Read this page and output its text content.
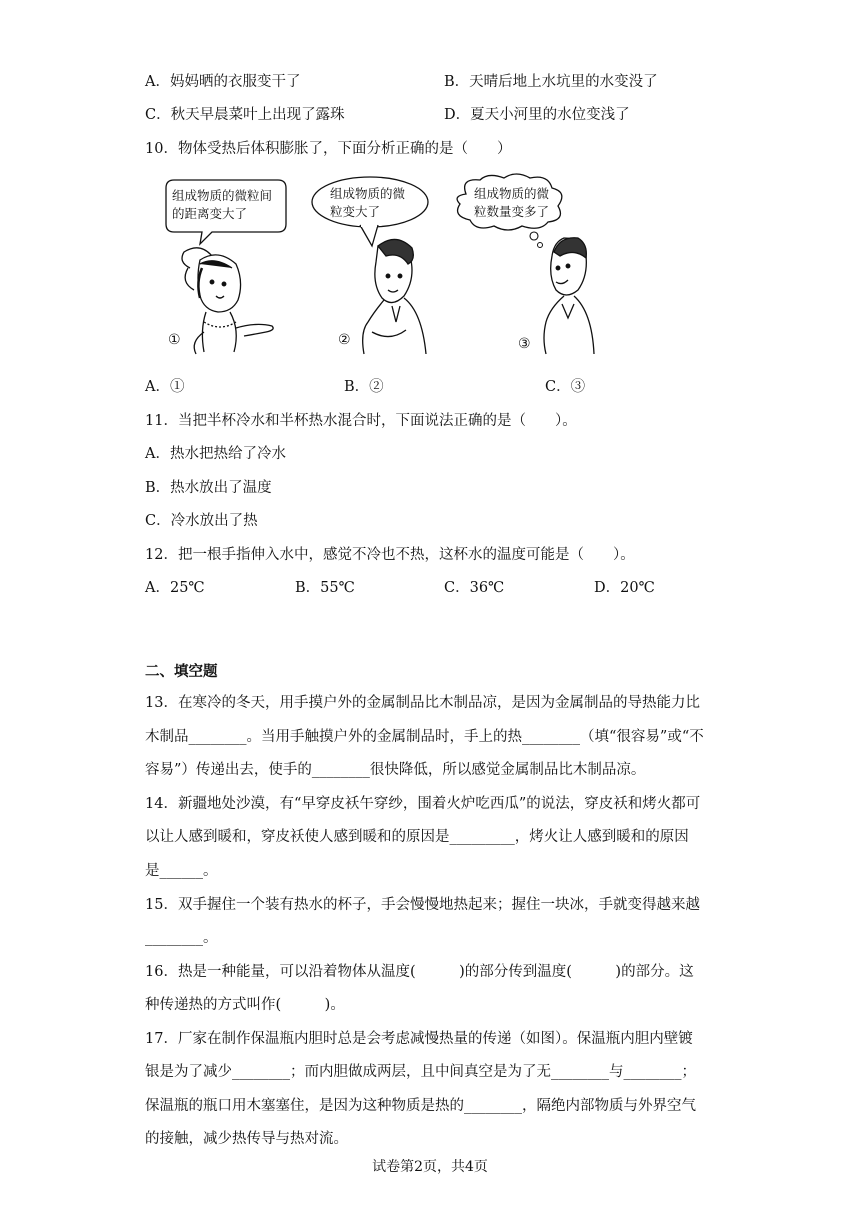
A．妈妈晒的衣服变干了	B．天晴后地上水坑里的水变没了
C．秋天早晨菜叶上出现了露珠	D．夏天小河里的水位变浅了
10．物体受热后体积膨胀了，下面分析正确的是（　　）
组成物质的微粒间
的距离变大了
组成物质的微
粒变大了
组成物质的微
粒数量变多了
①	②	③
A．①	B．②	C．③
11．当把半杯冷水和半杯热水混合时，下面说法正确的是（　　）。
A．热水把热给了冷水
B．热水放出了温度
C．冷水放出了热
12．把一根手指伸入水中，感觉不冷也不热，这杯水的温度可能是（　　）。
A．25℃	B．55℃	C．36℃	D．20℃
二、填空题
13．在寒冷的冬天，用手摸户外的金属制品比木制品凉，是因为金属制品的导热能力比
木制品________。当用手触摸户外的金属制品时，手上的热________（填“很容易”或“不
容易”）传递出去，使手的________很快降低，所以感觉金属制品比木制品凉。
14．新疆地处沙漠，有“早穿皮袄午穿纱，围着火炉吃西瓜”的说法，穿皮袄和烤火都可
以让人感到暖和，穿皮袄使人感到暖和的原因是_________，烤火让人感到暖和的原因
是______。
15．双手握住一个装有热水的杯子，手会慢慢地热起来；握住一块冰，手就变得越来越
________。
16．热是一种能量，可以沿着物体从温度(　　　)的部分传到温度(　　　)的部分。这
种传递热的方式叫作(　　　)。
17．厂家在制作保温瓶内胆时总是会考虑减慢热量的传递（如图）。保温瓶内胆内壁镀
银是为了减少________；而内胆做成两层，且中间真空是为了无________与________；
保温瓶的瓶口用木塞塞住，是因为这种物质是热的________，隔绝内部物质与外界空气
的接触，减少热传导与热对流。
试卷第2页，共4页
